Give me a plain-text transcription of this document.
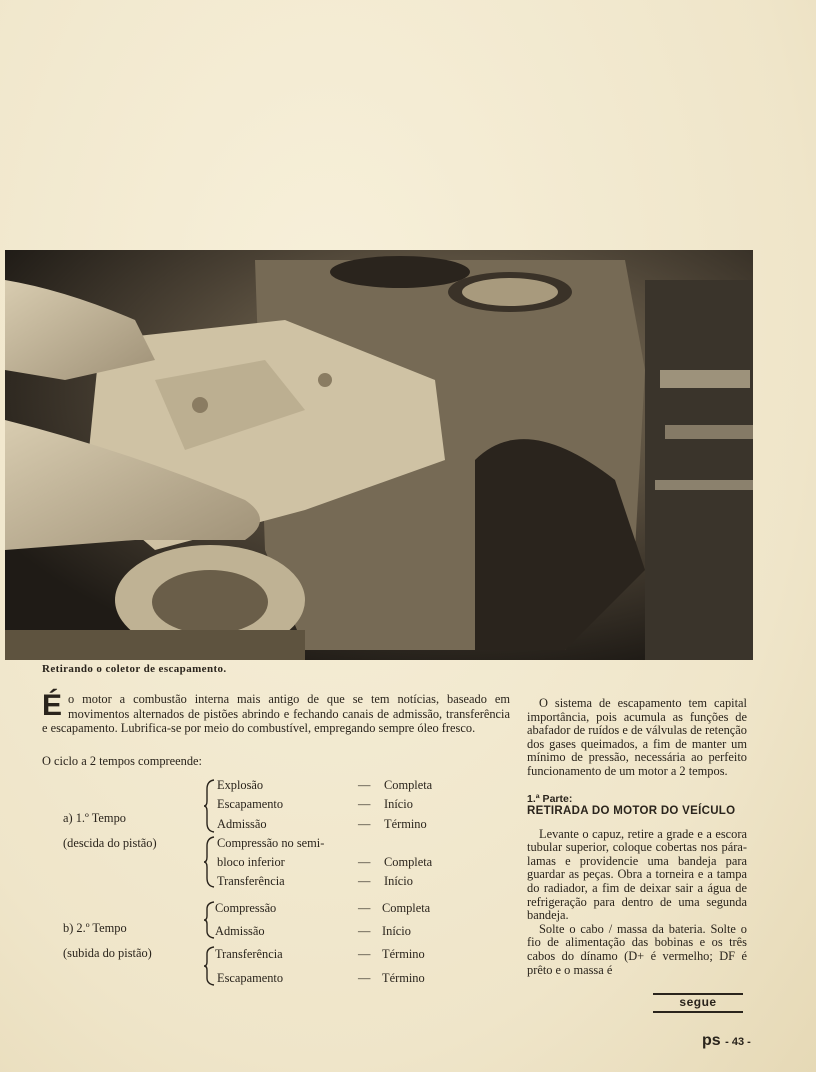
Retirando o coletor de escapamento.
É o motor a combustão interna mais antigo de que se tem notícias, baseado em movimentos alternados de pistões abrindo e fechando canais de admissão, transferência e escapamento. Lubrifica-se por meio do combustível, empregando sempre óleo fresco.
O ciclo a 2 tempos compreende:
a) 1.º Tempo
(descida do pistão)
Explosão	— Completa
Escapamento	— Início
Admissão	— Término
Compressão no semi-
bloco inferior	— Completa
Transferência	— Início
b) 2.º Tempo
(subida do pistão)
Compressão	— Completa
Admissão	— Início
Transferência	— Término
Escapamento	— Término

O sistema de escapamento tem capital importância, pois acumula as funções de abafador de ruídos e de válvulas de retenção dos gases queimados, a fim de manter um mínimo de pressão, necessária ao perfeito funcionamento de um motor a 2 tempos.

1.ª Parte:
RETIRADA DO MOTOR DO VEÍCULO

Levante o capuz, retire a grade e a escora tubular superior, coloque cobertas nos pára-lamas e providencie uma bandeja para guardar as peças. Obra a torneira e a tampa do radiador, a fim de deixar sair a água de refrigeração para dentro de uma segunda bandeja.

Solte o cabo / massa da bateria. Solte o fio de alimentação das bobinas e os três cabos do dínamo (D+ é vermelho; DF é prêto e o massa é

segue
ps - 43 -
